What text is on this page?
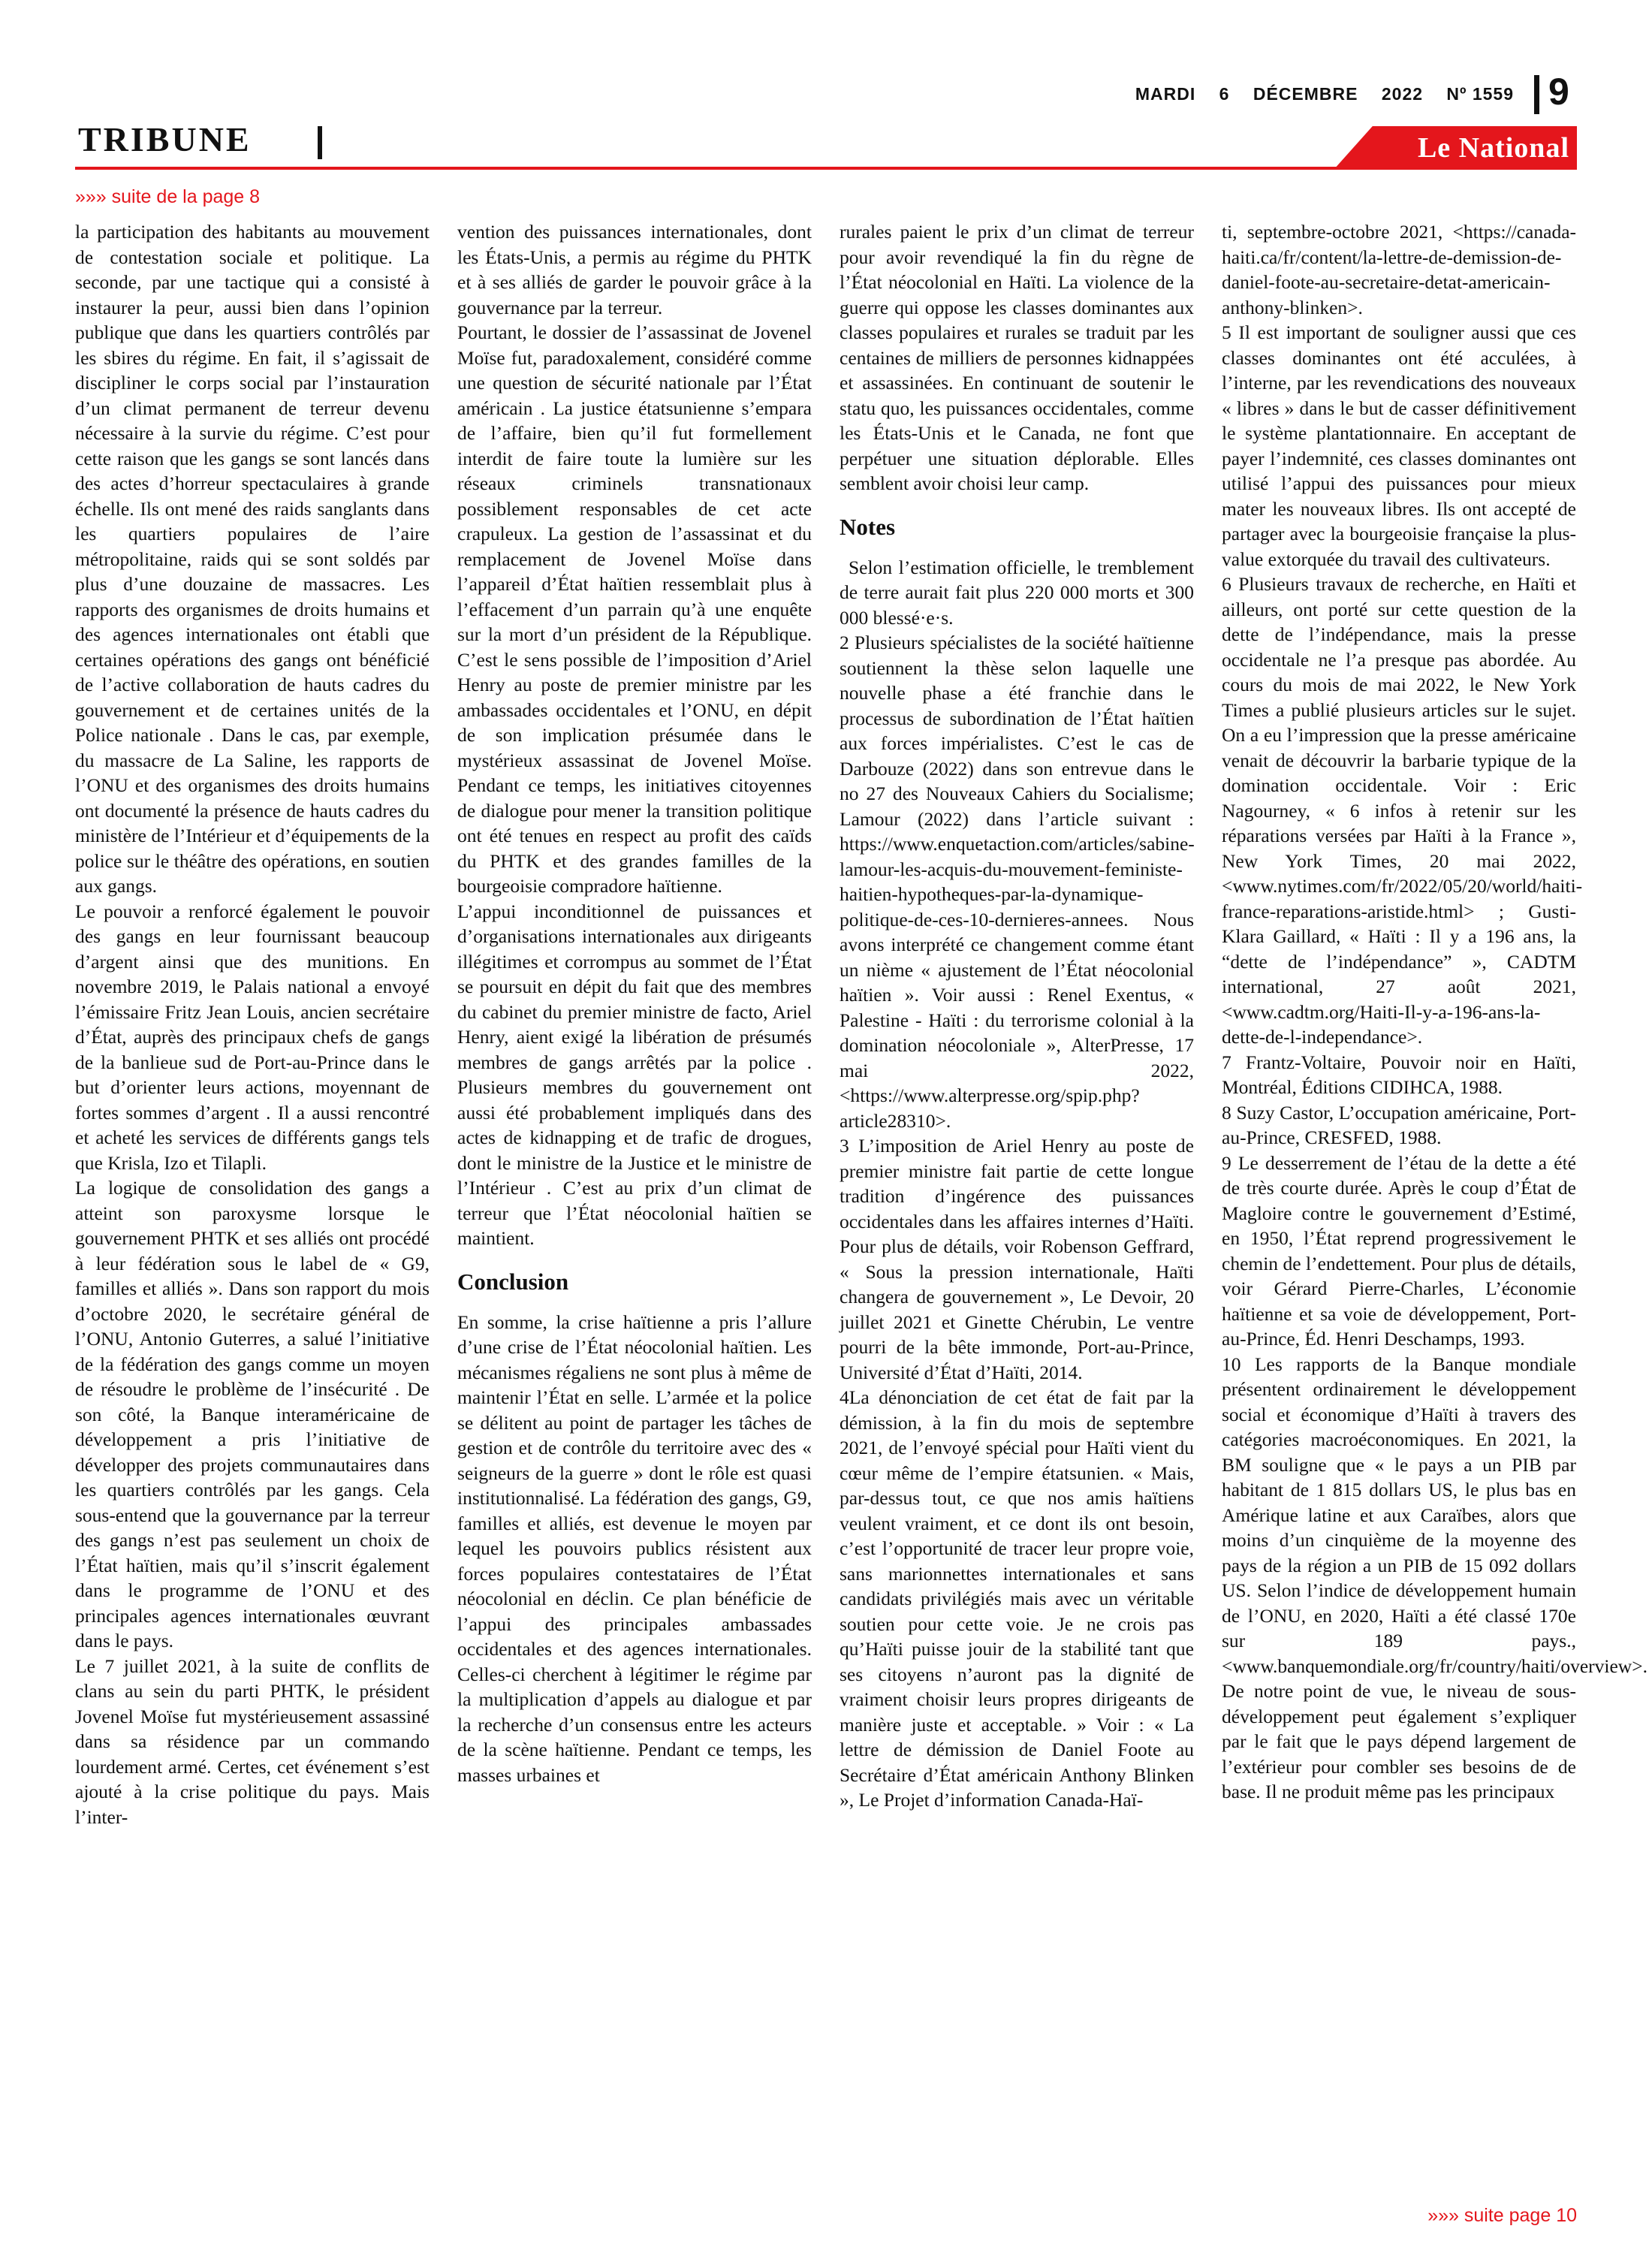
MARDI 6 DÉCEMBRE 2022 Nº 1559 9
TRIBUNE	Le National
»»» suite de la page 8

la participation des habitants au mouvement de contestation sociale et politique. La seconde, par une tactique qui a consisté à instaurer la peur, aussi bien dans l’opinion publique que dans les quartiers contrôlés par les sbires du régime. En fait, il s’agissait de discipliner le corps social par l’instauration d’un climat permanent de terreur devenu nécessaire à la survie du régime. C’est pour cette raison que les gangs se sont lancés dans des actes d’horreur spectaculaires à grande échelle. Ils ont mené des raids sanglants dans les quartiers populaires de l’aire métropolitaine, raids qui se sont soldés par plus d’une douzaine de massacres. Les rapports des organismes de droits humains et des agences internationales ont établi que certaines opérations des gangs ont bénéficié de l’active collaboration de hauts cadres du gouvernement et de certaines unités de la Police nationale . Dans le cas, par exemple, du massacre de La Saline, les rapports de l’ONU et des organismes des droits humains ont documenté la présence de hauts cadres du ministère de l’Intérieur et d’équipements de la police sur le théâtre des opérations, en soutien aux gangs.

Le pouvoir a renforcé également le pouvoir des gangs en leur fournissant beaucoup d’argent ainsi que des munitions. En novembre 2019, le Palais national a envoyé l’émissaire Fritz Jean Louis, ancien secrétaire d’État, auprès des principaux chefs de gangs de la banlieue sud de Port-au-Prince dans le but d’orienter leurs actions, moyennant de fortes sommes d’argent . Il a aussi rencontré et acheté les services de différents gangs tels que Krisla, Izo et Tilapli.

La logique de consolidation des gangs a atteint son paroxysme lorsque le gouvernement PHTK et ses alliés ont procédé à leur fédération sous le label de « G9, familles et alliés ». Dans son rapport du mois d’octobre 2020, le secrétaire général de l’ONU, Antonio Guterres, a salué l’initiative de la fédération des gangs comme un moyen de résoudre le problème de l’insécurité . De son côté, la Banque interaméricaine de développement a pris l’initiative de développer des projets communautaires dans les quartiers contrôlés par les gangs. Cela sous-entend que la gouvernance par la terreur des gangs n’est pas seulement un choix de l’État haïtien, mais qu’il s’inscrit également dans le programme de l’ONU et des principales agences internationales œuvrant dans le pays.

Le 7 juillet 2021, à la suite de conflits de clans au sein du parti PHTK, le président Jovenel Moïse fut mystérieusement assassiné dans sa résidence par un commando lourdement armé. Certes, cet événement s’est ajouté à la crise politique du pays. Mais l’inter-

vention des puissances internationales, dont les États-Unis, a permis au régime du PHTK et à ses alliés de garder le pouvoir grâce à la gouvernance par la terreur.

Pourtant, le dossier de l’assassinat de Jovenel Moïse fut, paradoxalement, considéré comme une question de sécurité nationale par l’État américain . La justice étatsunienne s’empara de l’affaire, bien qu’il fut formellement interdit de faire toute la lumière sur les réseaux criminels transnationaux possiblement responsables de cet acte crapuleux. La gestion de l’assassinat et du remplacement de Jovenel Moïse dans l’appareil d’État haïtien ressemblait plus à l’effacement d’un parrain qu’à une enquête sur la mort d’un président de la République. C’est le sens possible de l’imposition d’Ariel Henry au poste de premier ministre par les ambassades occidentales et l’ONU, en dépit de son implication présumée dans le mystérieux assassinat de Jovenel Moïse. Pendant ce temps, les initiatives citoyennes de dialogue pour mener la transition politique ont été tenues en respect au profit des caïds du PHTK et des grandes familles de la bourgeoisie compradore haïtienne.

L’appui inconditionnel de puissances et d’organisations internationales aux dirigeants illégitimes et corrompus au sommet de l’État se poursuit en dépit du fait que des membres du cabinet du premier ministre de facto, Ariel Henry, aient exigé la libération de présumés membres de gangs arrêtés par la police . Plusieurs membres du gouvernement ont aussi été probablement impliqués dans des actes de kidnapping et de trafic de drogues, dont le ministre de la Justice et le ministre de l’Intérieur . C’est au prix d’un climat de terreur que l’État néocolonial haïtien se maintient.

Conclusion

En somme, la crise haïtienne a pris l’allure d’une crise de l’État néocolonial haïtien. Les mécanismes régaliens ne sont plus à même de maintenir l’État en selle. L’armée et la police se délitent au point de partager les tâches de gestion et de contrôle du territoire avec des « seigneurs de la guerre » dont le rôle est quasi institutionnalisé. La fédération des gangs, G9, familles et alliés, est devenue le moyen par lequel les pouvoirs publics résistent aux forces populaires contestataires de l’État néocolonial en déclin. Ce plan bénéficie de l’appui des principales ambassades occidentales et des agences internationales. Celles-ci cherchent à légitimer le régime par la multiplication d’appels au dialogue et par la recherche d’un consensus entre les acteurs de la scène haïtienne. Pendant ce temps, les masses urbaines et

rurales paient le prix d’un climat de terreur pour avoir revendiqué la fin du règne de l’État néocolonial en Haïti. La violence de la guerre qui oppose les classes dominantes aux classes populaires et rurales se traduit par les centaines de milliers de personnes kidnappées et assassinées. En continuant de soutenir le statu quo, les puissances occidentales, comme les États-Unis et le Canada, ne font que perpétuer une situation déplorable. Elles semblent avoir choisi leur camp.

Notes

Selon l’estimation officielle, le tremblement de terre aurait fait plus 220 000 morts et 300 000 blessé·e·s.

2 Plusieurs spécialistes de la société haïtienne soutiennent la thèse selon laquelle une nouvelle phase a été franchie dans le processus de subordination de l’État haïtien aux forces impérialistes. C’est le cas de Darbouze (2022) dans son entrevue dans le no 27 des Nouveaux Cahiers du Socialisme; Lamour (2022) dans l’article suivant : https://www.enquetaction.com/articles/sabine-lamour-les-acquis-du-mouvement-feministe-haitien-hypotheques-par-la-dynamique-politique-de-ces-10-dernieres-annees. Nous avons interprété ce changement comme étant un nième « ajustement de l’État néocolonial haïtien ». Voir aussi : Renel Exentus, « Palestine - Haïti : du terrorisme colonial à la domination néocoloniale », AlterPresse, 17 mai 2022, <https://www.alterpresse.org/spip.php?article28310>.

3 L’imposition de Ariel Henry au poste de premier ministre fait partie de cette longue tradition d’ingérence des puissances occidentales dans les affaires internes d’Haïti. Pour plus de détails, voir Robenson Geffrard, « Sous la pression internationale, Haïti changera de gouvernement », Le Devoir, 20 juillet 2021 et Ginette Chérubin, Le ventre pourri de la bête immonde, Port-au-Prince, Université d’État d’Haïti, 2014.

4La dénonciation de cet état de fait par la démission, à la fin du mois de septembre 2021, de l’envoyé spécial pour Haïti vient du cœur même de l’empire étatsunien. « Mais, par-dessus tout, ce que nos amis haïtiens veulent vraiment, et ce dont ils ont besoin, c’est l’opportunité de tracer leur propre voie, sans marionnettes internationales et sans candidats privilégiés mais avec un véritable soutien pour cette voie. Je ne crois pas qu’Haïti puisse jouir de la stabilité tant que ses citoyens n’auront pas la dignité de vraiment choisir leurs propres dirigeants de manière juste et acceptable. » Voir : « La lettre de démission de Daniel Foote au Secrétaire d’État américain Anthony Blinken », Le Projet d’information Canada-Haï-

ti, septembre-octobre 2021, <https://canada-haiti.ca/fr/content/la-lettre-de-demission-de-daniel-foote-au-secretaire-detat-americain-anthony-blinken>.

5 Il est important de souligner aussi que ces classes dominantes ont été acculées, à l’interne, par les revendications des nouveaux « libres » dans le but de casser définitivement le système plantationnaire. En acceptant de payer l’indemnité, ces classes dominantes ont utilisé l’appui des puissances pour mieux mater les nouveaux libres. Ils ont accepté de partager avec la bourgeoisie française la plus-value extorquée du travail des cultivateurs.

6 Plusieurs travaux de recherche, en Haïti et ailleurs, ont porté sur cette question de la dette de l’indépendance, mais la presse occidentale ne l’a presque pas abordée. Au cours du mois de mai 2022, le New York Times a publié plusieurs articles sur le sujet. On a eu l’impression que la presse américaine venait de découvrir la barbarie typique de la domination occidentale. Voir : Eric Nagourney, « 6 infos à retenir sur les réparations versées par Haïti à la France », New York Times, 20 mai 2022, <www.nytimes.com/fr/2022/05/20/world/haiti-france-reparations-aristide.html> ; Gusti-Klara Gaillard, « Haïti : Il y a 196 ans, la “dette de l’indépendance” », CADTM international, 27 août 2021, <www.cadtm.org/Haiti-Il-y-a-196-ans-la-dette-de-l-independance>.

7 Frantz-Voltaire, Pouvoir noir en Haïti, Montréal, Éditions CIDIHCA, 1988.

8 Suzy Castor, L’occupation américaine, Port-au-Prince, CRESFED, 1988.

9 Le desserrement de l’étau de la dette a été de très courte durée. Après le coup d’État de Magloire contre le gouvernement d’Estimé, en 1950, l’État reprend progressivement le chemin de l’endettement. Pour plus de détails, voir Gérard Pierre-Charles, L’économie haïtienne et sa voie de développement, Port-au-Prince, Éd. Henri Deschamps, 1993.

10 Les rapports de la Banque mondiale présentent ordinairement le développement social et économique d’Haïti à travers des catégories macroéconomiques. En 2021, la BM souligne que « le pays a un PIB par habitant de 1 815 dollars US, le plus bas en Amérique latine et aux Caraïbes, alors que moins d’un cinquième de la moyenne des pays de la région a un PIB de 15 092 dollars US. Selon l’indice de développement humain de l’ONU, en 2020, Haïti a été classé 170e sur 189 pays., <www.banquemondiale.org/fr/country/haiti/overview>. De notre point de vue, le niveau de sous-développement peut également s’expliquer par le fait que le pays dépend largement de l’extérieur pour combler ses besoins de de base. Il ne produit même pas les principaux

»»» suite page 10
